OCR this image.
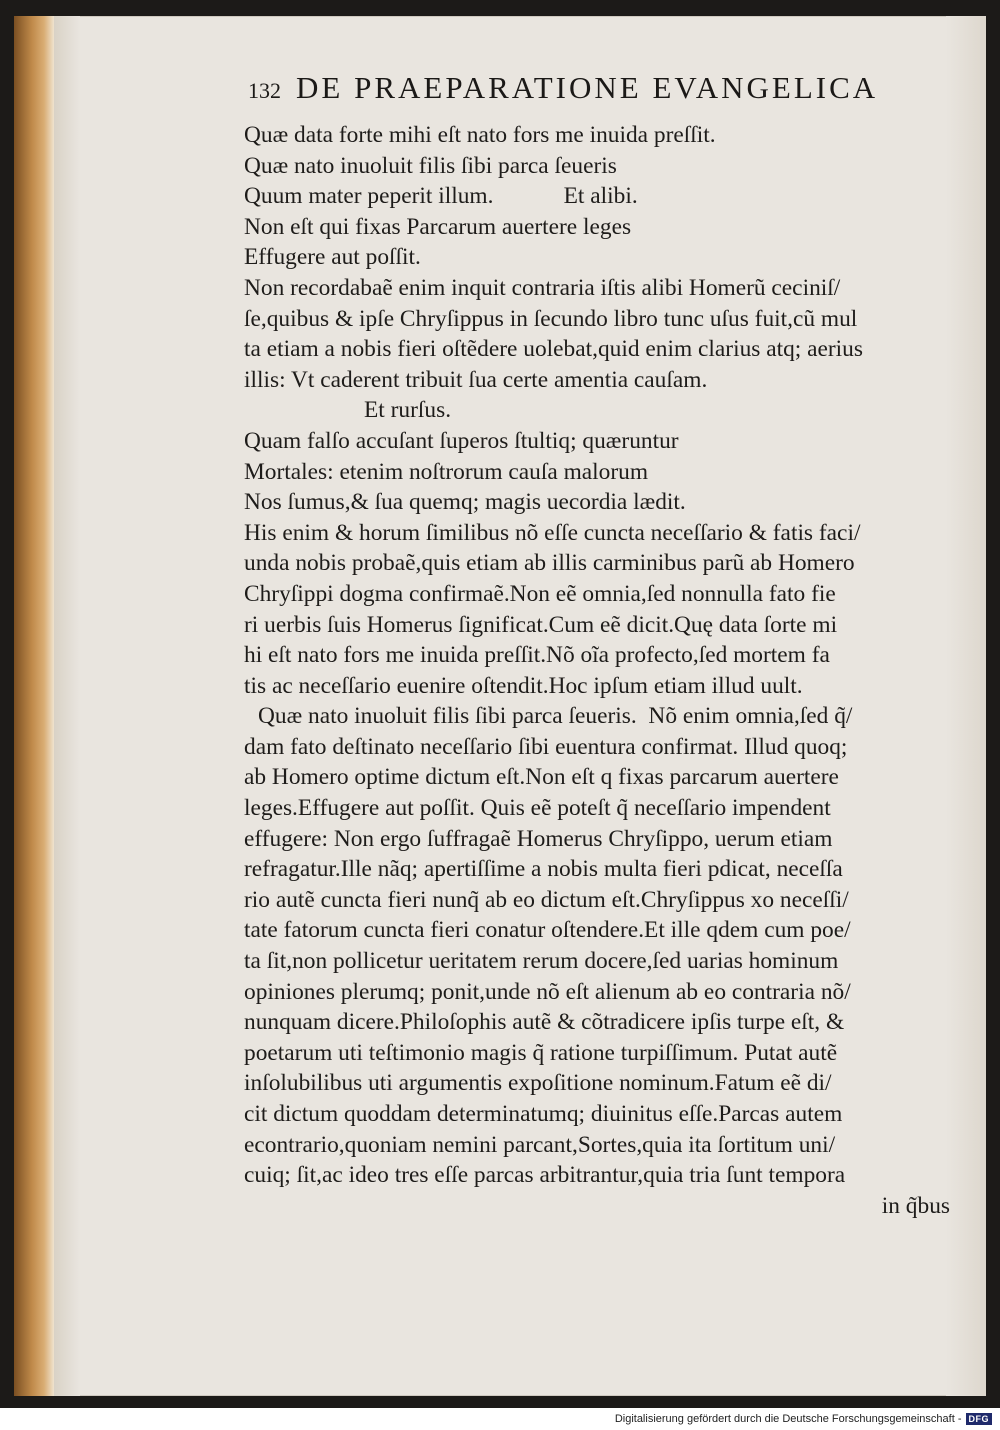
132 DE PRAEPARATIONE EVANGELICA
Quæ data forte mihi eſt nato fors me inuida preſſit.
Quæ nato inuoluit filis ſibi parca ſeueris
Quum mater peperit illum.            Et alibi.
Non eſt qui fixas Parcarum auertere leges
Effugere aut poſſit.
Non recordabaẽ enim inquit contraria iſtis alibi Homerũ ceciniſ/
ſe,quibus & ipſe Chryſippus in ſecundo libro tunc uſus fuit,cũ mul
ta etiam a nobis fieri oſtẽdere uolebat,quid enim clarius atq; aerius
illis: Vt caderent tribuit ſua certe amentia cauſam.
Et rurſus.
Quam falſo accuſant ſuperos ſtultiq; quæruntur
Mortales: etenim noſtrorum cauſa malorum
Nos ſumus,& ſua quemq; magis uecordia lædit.
His enim & horum ſimilibus nõ eſſe cuncta neceſſario & fatis faci/
unda nobis probaẽ,quis etiam ab illis carminibus parũ ab Homero
Chryſippi dogma confirmaẽ.Non eẽ omnia,ſed nonnulla fato fie
ri uerbis ſuis Homerus ſignificat.Cum eẽ dicit.Quę data ſorte mi
hi eſt nato fors me inuida preſſit.Nõ oĩa profecto,ſed mortem fa
tis ac neceſſario euenire oſtendit.Hoc ipſum etiam illud uult.
Quæ nato inuoluit filis ſibi parca ſeueris.  Nõ enim omnia,ſed q̃/
dam fato deſtinato neceſſario ſibi euentura confirmat. Illud quoq;
ab Homero optime dictum eſt.Non eſt q fixas parcarum auertere
leges.Effugere aut poſſit. Quis eẽ poteſt q̃ neceſſario impendent
effugere: Non ergo ſuffragaẽ Homerus Chryſippo, uerum etiam
refragatur.Ille nãq; apertiſſime a nobis multa fieri pdicat, neceſſa
rio autẽ cuncta fieri nunq̃ ab eo dictum eſt.Chryſippus xo neceſſi/
tate fatorum cuncta fieri conatur oſtendere.Et ille qdem cum poe/
ta ſit,non pollicetur ueritatem rerum docere,ſed uarias hominum
opiniones plerumq; ponit,unde nõ eſt alienum ab eo contraria nõ/
nunquam dicere.Philoſophis autẽ & cõtradicere ipſis turpe eſt, &
poetarum uti teſtimonio magis q̃ ratione turpiſſimum. Putat autẽ
inſolubilibus uti argumentis expoſitione nominum.Fatum eẽ di/
cit dictum quoddam determinatumq; diuinitus eſſe.Parcas autem
econtrario,quoniam nemini parcant,Sortes,quia ita ſortitum uni/
cuiq; ſit,ac ideo tres eſſe parcas arbitrantur,quia tria ſunt tempora
in q̃bus
Digitalisierung gefördert durch die Deutsche Forschungsgemeinschaft - DFG
